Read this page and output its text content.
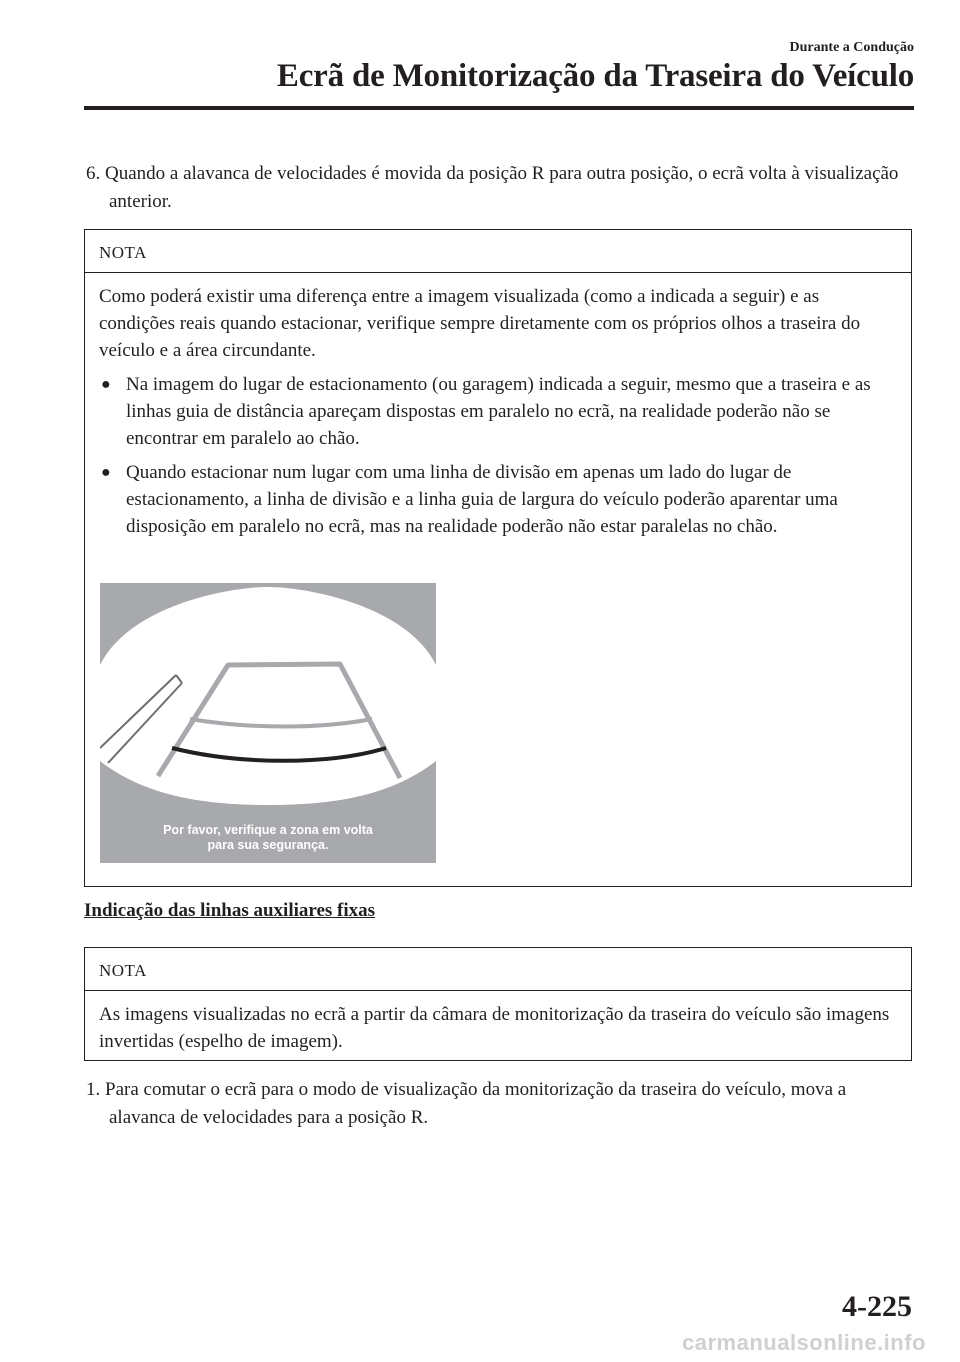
Durante a Condução
Ecrã de Monitorização da Traseira do Veículo
6. Quando a alavanca de velocidades é movida da posição R para outra posição, o ecrã volta à visualização anterior.
NOTA

Como poderá existir uma diferença entre a imagem visualizada (como a indicada a seguir) e as condições reais quando estacionar, verifique sempre diretamente com os próprios olhos a traseira do veículo e a área circundante.

● Na imagem do lugar de estacionamento (ou garagem) indicada a seguir, mesmo que a traseira e as linhas guia de distância apareçam dispostas em paralelo no ecrã, na realidade poderão não se encontrar em paralelo ao chão.
● Quando estacionar num lugar com uma linha de divisão em apenas um lado do lugar de estacionamento, a linha de divisão e a linha guia de largura do veículo poderão aparentar uma disposição em paralelo no ecrã, mas na realidade poderão não estar paralelas no chão.
Por favor, verifique a zona em volta
para sua segurança.
Indicação das linhas auxiliares fixas
NOTA

As imagens visualizadas no ecrã a partir da câmara de monitorização da traseira do veículo são imagens invertidas (espelho de imagem).

1. Para comutar o ecrã para o modo de visualização da monitorização da traseira do veículo, mova a alavanca de velocidades para a posição R.
4-225
carmanualsonline.info
